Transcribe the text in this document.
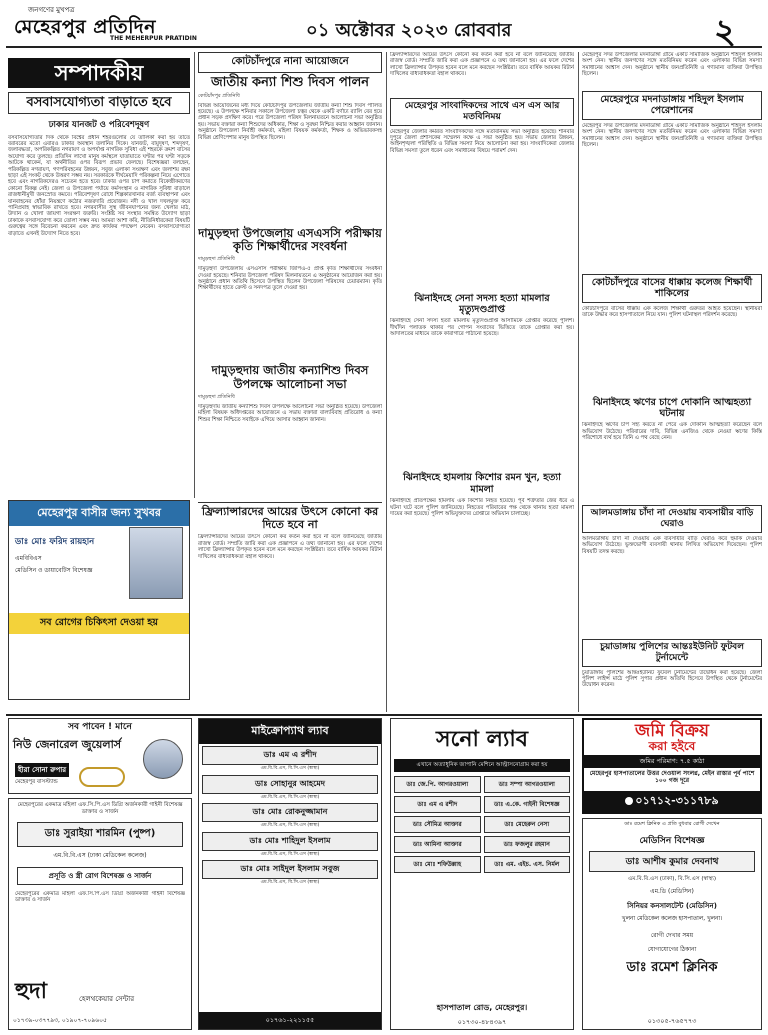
জনগণের মুখপত্র
মেহেরপুর প্রতিদিন
THE MEHERPUR PRATIDIN	০১ অক্টোবর ২০২৩ রোববার	২
সম্পাদকীয়
বসবাসযোগ্যতা বাড়াতে হবে
ঢাকার যানজট ও পরিবেশদূষণ
বসবাসযোগ্যতার দিক থেকে বিশ্বের প্রধান শহরগুলোর যে তালিকা করা হয় তাতে বরাবরের মতো এবারও ঢাকার অবস্থান তলানির দিকে। যানজট, বায়ুদূষণ, শব্দদূষণ, জলাবদ্ধতা, অপরিকল্পিত নগরায়ণ ও অপর্যাপ্ত নাগরিক সুবিধা এই শহরকে ক্রমশ বাসের অযোগ্য করে তুলছে। প্রতিদিন লাখো মানুষ কর্মস্থলে যাতায়াতে ঘণ্টার পর ঘণ্টা সড়কে আটকে থাকেন, যা অর্থনীতির ওপর বিরূপ প্রভাব ফেলছে। বিশেষজ্ঞরা বলছেন, পরিকল্পিত নগরায়ণ, গণপরিবহনের উন্নয়ন, সবুজ এলাকা সংরক্ষণ এবং জলাশয় রক্ষা ছাড়া এই সংকট থেকে উত্তরণ সম্ভব নয়। সরকারকে দীর্ঘমেয়াদি পরিকল্পনা নিয়ে এগোতে হবে এবং নাগরিকদেরও সচেতন হতে হবে। ঢাকার ওপর চাপ কমাতে বিকেন্দ্রীকরণের কোনো বিকল্প নেই। জেলা ও উপজেলা পর্যায়ে কর্মসংস্থান ও নাগরিক সুবিধা বাড়ালে রাজধানীমুখী জনস্রোত কমবে। পরিবেশদূষণ রোধে শিল্পকারখানার বর্জ্য ব্যবস্থাপনা এবং যানবাহনের ধোঁয়া নিয়ন্ত্রণে কঠোর নজরদারি প্রয়োজন। নদী ও খাল দখলমুক্ত করে পানিপ্রবাহ স্বাভাবিক রাখতে হবে। নগরবাসীর সুস্থ জীবনযাপনের জন্য খেলার মাঠ, উদ্যান ও খোলা জায়গা সংরক্ষণ জরুরি। সংশ্লিষ্ট সব সংস্থার সমন্বিত উদ্যোগ ছাড়া ঢাকাকে বসবাসযোগ্য করে তোলা সম্ভব নয়। আমরা আশা করি, নীতিনির্ধারকেরা বিষয়টি গুরুত্বের সঙ্গে বিবেচনা করবেন এবং দ্রুত কার্যকর পদক্ষেপ নেবেন। বসবাসযোগ্যতা বাড়াতে এখনই উদ্যোগ নিতে হবে।
কোটচাঁদপুরে নানা আয়োজনে
জাতীয় কন্যা শিশু দিবস পালন
কোটচাঁদপুর প্রতিনিধি
বিভিন্ন আয়োজনের মধ্য দিয়ে কোটচাঁদপুর উপজেলায় জাতীয় কন্যা শিশু দিবস পালিত হয়েছে। এ উপলক্ষে শনিবার সকালে উপজেলা চত্বর থেকে একটি বর্ণাঢ্য র‍্যালি বের হয়ে প্রধান সড়ক প্রদক্ষিণ করে। পরে উপজেলা পরিষদ মিলনায়তনে আলোচনা সভা অনুষ্ঠিত হয়। সভায় বক্তারা কন্যা শিশুদের অধিকার, শিক্ষা ও সুরক্ষা নিশ্চিত করার আহ্বান জানান। অনুষ্ঠানে উপজেলা নির্বাহী কর্মকর্তা, মহিলা বিষয়ক কর্মকর্তা, শিক্ষক ও অভিভাবকসহ বিভিন্ন শ্রেণিপেশার মানুষ উপস্থিত ছিলেন।
দামুড়হুদা উপজেলায় এসএসসি পরীক্ষায় কৃতি শিক্ষার্থীদের সংবর্ধনা
দামুড়হুদা প্রতিনিধি
দামুড়হুদা উপজেলায় এসএসসি পরীক্ষায় জিপিএ-৫ প্রাপ্ত কৃতি শিক্ষার্থীদের সংবর্ধনা দেওয়া হয়েছে। শনিবার উপজেলা পরিষদ মিলনায়তনে এ অনুষ্ঠানের আয়োজন করা হয়। অনুষ্ঠানে প্রধান অতিথি হিসেবে উপস্থিত ছিলেন উপজেলা পরিষদের চেয়ারম্যান। কৃতি শিক্ষার্থীদের হাতে ক্রেস্ট ও সনদপত্র তুলে দেওয়া হয়।
দামুড়হুদায় জাতীয় কন্যাশিশু দিবস উপলক্ষে আলোচনা সভা
দামুড়হুদা প্রতিনিধি
দামুড়হুদায় জাতীয় কন্যাশিশু দিবস উপলক্ষে আলোচনা সভা অনুষ্ঠিত হয়েছে। উপজেলা মহিলা বিষয়ক অধিদপ্তরের আয়োজনে এ সভায় বক্তারা বাল্যবিবাহ প্রতিরোধ ও কন্যা শিশুর শিক্ষা নিশ্চিতে সবাইকে এগিয়ে আসার আহ্বান জানান।
মেহেরপুর বাসীর জন্য সুখবর
ডাঃ মোঃ ফরিদ রায়হান
এমবিবিএস
মেডিসিন ও ডায়াবেটিস বিশেষজ্ঞ
সব রোগের চিকিৎসা দেওয়া হয়
ফ্রিল্যান্সারদের আয়ের উৎসে কোনো কর দিতে হবে না
ফ্রিল্যান্সারদের আয়ের উৎসে কোনো কর কর্তন করা হবে না বলে জানিয়েছে জাতীয় রাজস্ব বোর্ড। সম্প্রতি জারি করা এক প্রজ্ঞাপনে এ তথ্য জানানো হয়। এর ফলে দেশের লাখো ফ্রিল্যান্সার উপকৃত হবেন বলে মনে করছেন সংশ্লিষ্টরা। তবে বার্ষিক আয়কর রিটার্ন দাখিলের বাধ্যবাধকতা বহাল থাকবে।
ফ্রিল্যান্সারদের আয়ের উৎসে কোনো কর কর্তন করা হবে না বলে জানিয়েছে জাতীয় রাজস্ব বোর্ড। সম্প্রতি জারি করা এক প্রজ্ঞাপনে এ তথ্য জানানো হয়। এর ফলে দেশের লাখো ফ্রিল্যান্সার উপকৃত হবেন বলে মনে করছেন সংশ্লিষ্টরা। তবে বার্ষিক আয়কর রিটার্ন দাখিলের বাধ্যবাধকতা বহাল থাকবে।
মেহেরপুর সাংবাদিকদের সাথে এস এস আর মতবিনিময়
মেহেরপুর জেলার কর্মরত সাংবাদিকদের সঙ্গে মতবিনিময় সভা অনুষ্ঠিত হয়েছে। শনিবার দুপুরে জেলা প্রশাসকের সম্মেলন কক্ষে এ সভা অনুষ্ঠিত হয়। সভায় জেলার উন্নয়ন, আইনশৃঙ্খলা পরিস্থিতি ও বিভিন্ন সমস্যা নিয়ে আলোচনা করা হয়। সাংবাদিকেরা জেলার বিভিন্ন সমস্যা তুলে ধরেন এবং সমাধানের বিষয়ে পরামর্শ দেন।
ঝিনাইদহে সেনা সদস্য হত্যা মামলার মৃত্যুদণ্ডপ্রাপ্ত
ঝিনাইদহে সেনা সদস্য হত্যা মামলায় মৃত্যুদণ্ডপ্রাপ্ত আসামিকে গ্রেপ্তার করেছে পুলিশ। দীর্ঘদিন পলাতক থাকার পর গোপন সংবাদের ভিত্তিতে তাকে গ্রেপ্তার করা হয়। আদালতের মাধ্যমে তাকে কারাগারে পাঠানো হয়েছে।
ঝিনাইদহে হামলায় কিশোর রমন খুন, হত্যা মামলা
ঝিনাইদহে প্রতিপক্ষের হামলায় এক কিশোর নিহত হয়েছে। পূর্ব শত্রুতার জের ধরে এ ঘটনা ঘটে বলে পুলিশ জানিয়েছে। নিহতের পরিবারের পক্ষ থেকে থানায় হত্যা মামলা দায়ের করা হয়েছে। পুলিশ অভিযুক্তদের গ্রেপ্তারে অভিযান চালাচ্ছে।
মেহেরপুর সদর উপজেলার মদনাডাঙ্গা গ্রামে একটি সামাজিক অনুষ্ঠানে শহিদুল ইসলাম অংশ নেন। স্থানীয় জনগণের সঙ্গে মতবিনিময় করেন এবং এলাকার বিভিন্ন সমস্যা সমাধানের আশ্বাস দেন। অনুষ্ঠানে স্থানীয় জনপ্রতিনিধি ও গণ্যমান্য ব্যক্তিরা উপস্থিত ছিলেন।
মেহেরপুরে মদনাডাঙ্গায় শহিদুল ইসলাম পেরেশানের
মেহেরপুর সদর উপজেলার মদনাডাঙ্গা গ্রামে একটি সামাজিক অনুষ্ঠানে শহিদুল ইসলাম অংশ নেন। স্থানীয় জনগণের সঙ্গে মতবিনিময় করেন এবং এলাকার বিভিন্ন সমস্যা সমাধানের আশ্বাস দেন। অনুষ্ঠানে স্থানীয় জনপ্রতিনিধি ও গণ্যমান্য ব্যক্তিরা উপস্থিত ছিলেন।
কোটচাঁদপুরে বাসের ধাক্কায় কলেজ শিক্ষার্থী শাকিলের
কোটচাঁদপুরে বাসের ধাক্কায় এক কলেজ শিক্ষার্থী গুরুতর আহত হয়েছেন। স্থানীয়রা তাকে উদ্ধার করে হাসপাতালে নিয়ে যান। পুলিশ ঘটনাস্থল পরিদর্শন করেছে।
ঝিনাইদহে ঋণের চাপে দোকানি আত্মহত্যা ঘটনায়
ঝিনাইদহে ঋণের চাপ সহ্য করতে না পেরে এক দোকানি আত্মহত্যা করেছেন বলে অভিযোগ উঠেছে। পরিবারের দাবি, বিভিন্ন এনজিও থেকে নেওয়া ঋণের কিস্তি পরিশোধে ব্যর্থ হয়ে তিনি এ পথ বেছে নেন।
আলমডাঙ্গায় চাঁদা না দেওয়ায় ব্যবসায়ীর বাড়ি ঘেরাও
আলমডাঙ্গায় চাঁদা না দেওয়ায় এক ব্যবসায়ীর বাড়ি ঘেরাও করে হুমকি দেওয়ার অভিযোগ উঠেছে। ভুক্তভোগী ব্যবসায়ী থানায় লিখিত অভিযোগ দিয়েছেন। পুলিশ বিষয়টি তদন্ত করছে।
চুয়াডাঙ্গায় পুলিশের আন্তঃইউনিট ফুটবল টুর্নামেন্টে
চুয়াডাঙ্গায় পুলিশের আন্তঃইউনিট ফুটবল টুর্নামেন্টের উদ্বোধন করা হয়েছে। জেলা পুলিশ লাইন্স মাঠে পুলিশ সুপার প্রধান অতিথি হিসেবে উপস্থিত থেকে টুর্নামেন্টের উদ্বোধন করেন।
সব পাবেন ! মানে
নিউ জেনারেল জুয়েলার্স
হীরা সোনা রুপার
মেহেরপুর বাসস্ট্যান্ড
মেহেরপুরের একমাত্র মহিলা এফ.সি.পি.এস ডিগ্রি অর্জনকারী গাইনী বিশেষজ্ঞ ডাক্তার ও সার্জন
ডাঃ সুরাইয়া শারমিন (পুষ্প)
এম.বি.বি.এস (ঢাকা মেডিকেল কলেজ)
প্রসূতি ও স্ত্রী রোগ বিশেষজ্ঞ ও সার্জন
মেহেরপুরের একমাত্র মহিলা এফ.সি.পি.এস ডিগ্রি অর্জনকারী গাইনী বিশেষজ্ঞ ডাক্তার ও সার্জন
হুদা	হেলথকেয়ার সেন্টার
০১৭৩৯-০৩৭৭৯৩, ০১৯০৭-৭০৯৬০৫
মাইক্রোপ্যাথ ল্যাব
ডাঃ এম এ রশীদ
এম.বি.বি.এস, বি.সি.এস (স্বাস্থ্য)
ডাঃ সোহানুর আহমেদ
এম.বি.বি.এস, বি.সি.এস (স্বাস্থ্য)
ডাঃ মোঃ রোকনুজ্জামান
এম.বি.বি.এস, বি.সি.এস (স্বাস্থ্য)
ডাঃ মোঃ শাহিদুল ইসলাম
এম.বি.বি.এস, বি.সি.এস (স্বাস্থ্য)
ডাঃ মোঃ সাইদুল ইসলাম সবুজ
এম.বি.বি.এস, বি.সি.এস (স্বাস্থ্য)
০১৭৬১-২২১১৫৫
সনো ল্যাব
এখানে অত্যাধুনিক জাপানি মেশিনে আল্ট্রাসনোগ্রাম করা হয়
ডাঃ জে.পি. আগরওয়ালা	ডাঃ সম্পা আগরওয়ালা
ডাঃ এম এ রশীদ	ডাঃ এ.কে. গাইনী বিশেষজ্ঞ
ডাঃ সৌমিত্র আক্তার	ডাঃ মেহেরুন নেসা
ডাঃ আমিনা আক্তার	ডাঃ ফজলুর রহমান
ডাঃ মোঃ শফিউল্লাহ	ডাঃ এম. এইচ. এস. নির্মল
হাসপাতাল রোড, মেহেরপুর।
০১৭৩০-৪৮৪৩৯৭
জমি বিক্রয়
করা হইবে
জমির পরিমাণ: ৭.৫ কাঠা
মেহেরপুর হাসপাতালের উত্তর দেওয়াল সংলগ্ন, মেইন রাস্তার পূর্ব পাশে ১০০ গজ দূরে
০১৭১২-৩১১৭৮৯
ডাঃ রমেশ ক্লিনিক এ প্রতি বুধবার রোগী দেখেন
মেডিসিন বিশেষজ্ঞ
ডাঃ আশীষ কুমার দেবনাথ
এম.বি.বি.এস (ঢাকা), বি.সি.এস (স্বাস্থ্য)
এম.ডি (মেডিসিন)
সিনিয়র কনসালটেন্ট (মেডিসিন)
খুলনা মেডিকেল কলেজ হাসপাতাল, খুলনা।
রোগী দেখার সময়
যোগাযোগের ঠিকানা
ডাঃ রমেশ ক্লিনিক
০১৩০৫-৭৬৫৭৭৩
